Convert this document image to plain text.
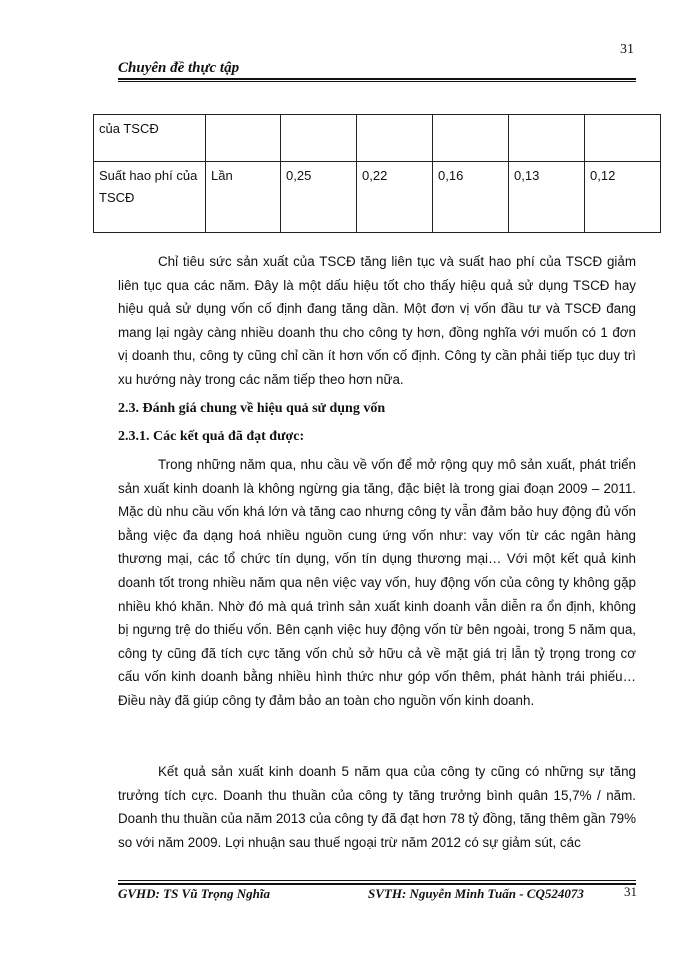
31
Chuyên đề thực tập
của TSCĐ						
Suất hao phí của TSCĐ	Lần	0,25	0,22	0,16	0,13	0,12

Chỉ tiêu sức sản xuất của TSCĐ tăng liên tục và suất hao phí của TSCĐ giảm liên tục qua các năm. Đây là một dấu hiệu tốt cho thấy hiệu quả sử dụng TSCĐ hay hiệu quả sử dụng vốn cố định đang tăng dần. Một đơn vị vốn đầu tư và TSCĐ đang mang lại ngày càng nhiều doanh thu cho công ty hơn, đồng nghĩa với muốn có 1 đơn vị doanh thu, công ty cũng chỉ cần ít hơn vốn cố định. Công ty cần phải tiếp tục duy trì xu hướng này trong các năm tiếp theo hơn nữa.

2.3. Đánh giá chung về hiệu quả sử dụng vốn
2.3.1. Các kết quả đã đạt được:

Trong những năm qua, nhu cầu về vốn để mở rộng quy mô sản xuất, phát triển sản xuất kinh doanh là không ngừng gia tăng, đặc biệt là trong giai đoạn 2009 – 2011. Mặc dù nhu cầu vốn khá lớn và tăng cao nhưng công ty vẫn đảm bảo huy động đủ vốn bằng việc đa dạng hoá nhiều nguồn cung ứng vốn như: vay vốn từ các ngân hàng thương mại, các tổ chức tín dụng, vốn tín dụng thương mại… Với một kết quả kinh doanh tốt trong nhiều năm qua nên việc vay vốn, huy động vốn của công ty không gặp nhiều khó khăn. Nhờ đó mà quá trình sản xuất kinh doanh vẫn diễn ra ổn định, không bị ngưng trệ do thiếu vốn. Bên cạnh việc huy động vốn từ bên ngoài, trong 5 năm qua, công ty cũng đã tích cực tăng vốn chủ sở hữu cả về mặt giá trị lẫn tỷ trọng trong cơ cấu vốn kinh doanh bằng nhiều hình thức như góp vốn thêm, phát hành trái phiếu… Điều này đã giúp công ty đảm bảo an toàn cho nguồn vốn kinh doanh.

Kết quả sản xuất kinh doanh 5 năm qua của công ty cũng có những sự tăng trưởng tích cực. Doanh thu thuần của công ty tăng trưởng bình quân 15,7% / năm. Doanh thu thuần của năm 2013 của công ty đã đạt hơn 78 tỷ đồng, tăng thêm gần 79% so với năm 2009. Lợi nhuận sau thuế ngoại trừ năm 2012 có sự giảm sút, các

GVHD: TS Vũ Trọng Nghĩa	SVTH: Nguyễn Minh Tuấn - CQ524073	31
